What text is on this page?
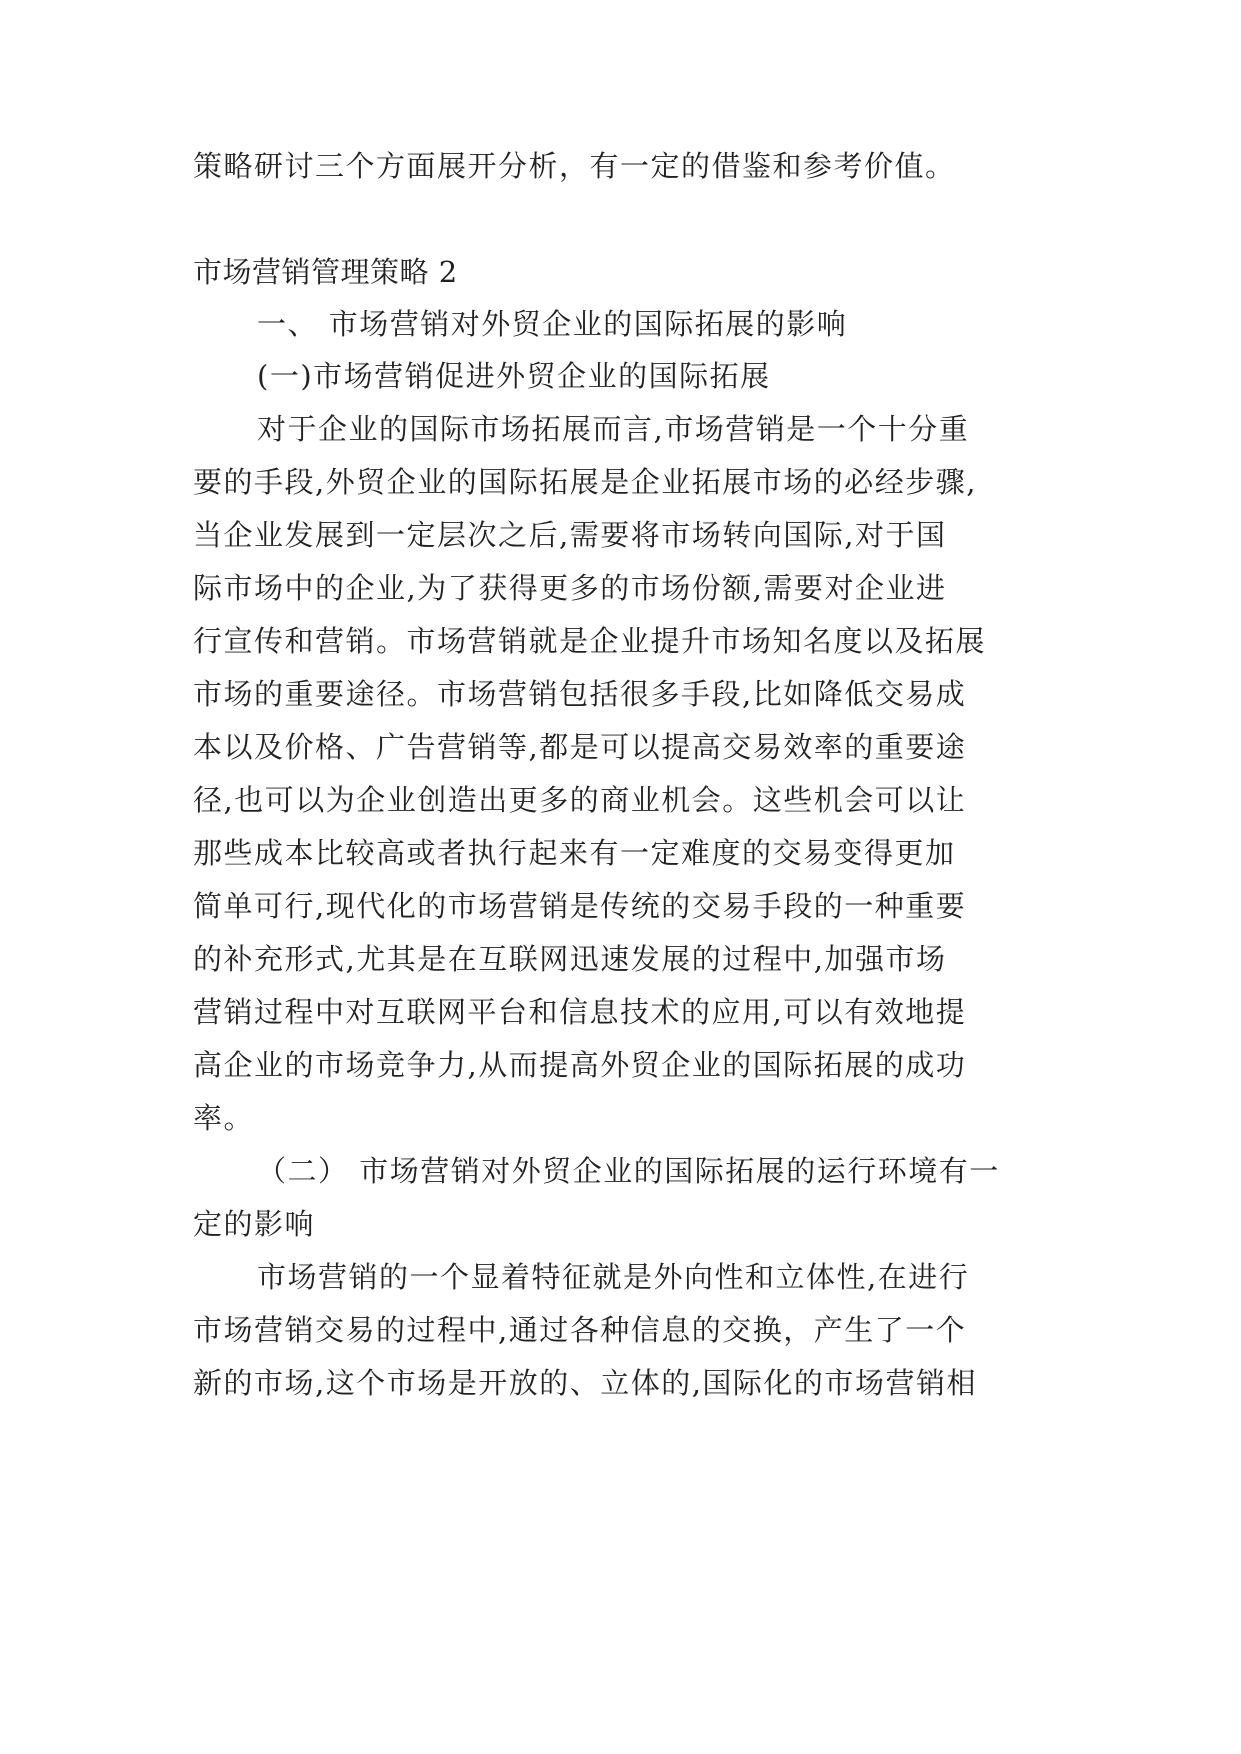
策略研讨三个方面展开分析，有一定的借鉴和参考价值。
市场营销管理策略 2
一、 市场营销对外贸企业的国际拓展的影响
(一)市场营销促进外贸企业的国际拓展
对于企业的国际市场拓展而言,市场营销是一个十分重
要的手段,外贸企业的国际拓展是企业拓展市场的必经步骤,
当企业发展到一定层次之后,需要将市场转向国际,对于国
际市场中的企业,为了获得更多的市场份额,需要对企业进
行宣传和营销。市场营销就是企业提升市场知名度以及拓展
市场的重要途径。市场营销包括很多手段,比如降低交易成
本以及价格、广告营销等,都是可以提高交易效率的重要途
径,也可以为企业创造出更多的商业机会。这些机会可以让
那些成本比较高或者执行起来有一定难度的交易变得更加
简单可行,现代化的市场营销是传统的交易手段的一种重要
的补充形式,尤其是在互联网迅速发展的过程中,加强市场
营销过程中对互联网平台和信息技术的应用,可以有效地提
高企业的市场竞争力,从而提高外贸企业的国际拓展的成功
率。
（二） 市场营销对外贸企业的国际拓展的运行环境有一
定的影响
市场营销的一个显着特征就是外向性和立体性,在进行
市场营销交易的过程中,通过各种信息的交换，产生了一个
新的市场,这个市场是开放的、立体的,国际化的市场营销相
